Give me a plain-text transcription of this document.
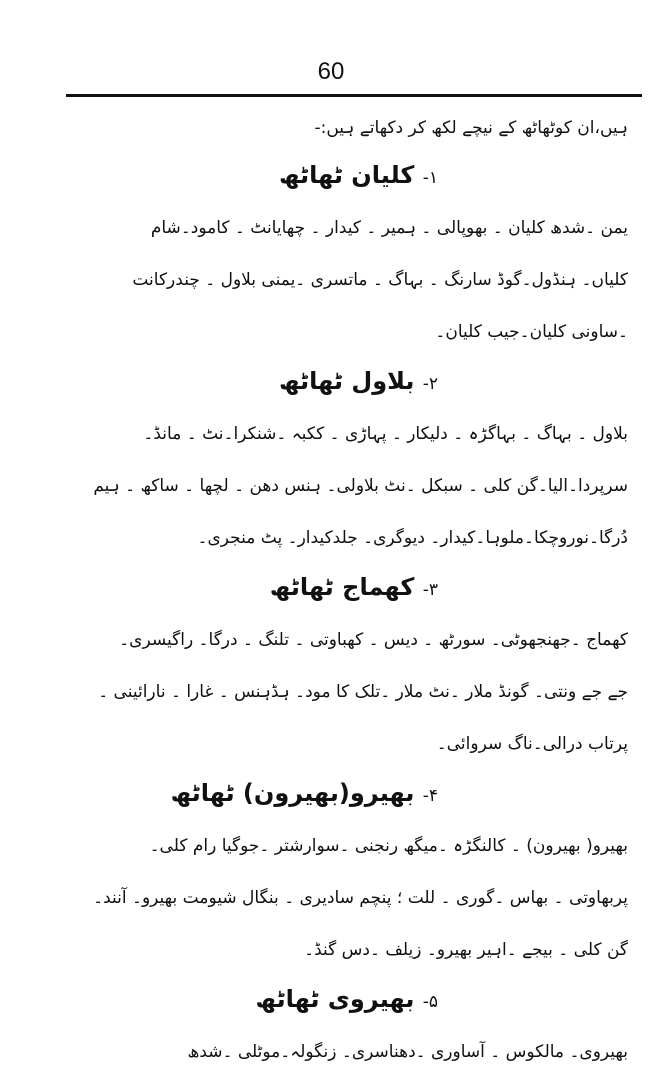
60
ہیں،ان کوٹھاٹھ کے نیچے لکھ کر دکھاتے ہیں:-
۱- کلیان ٹھاٹھ
یمن ۔شدھ کلیان ۔ بھوپالی ۔ ہمیر ۔ کیدار ۔ چھایانٹ ۔ کامود۔شام
کلیاں۔ ہنڈول۔گوڈ سارنگ ۔ بہاگ ۔ ماتسری ۔یمنی بلاول ۔ چندرکانت
۔ساونی کلیان۔جیب کلیان۔
۲- بلاول ٹھاٹھ
بلاول ۔ بہاگ ۔ بہاگڑہ ۔ دلیکار ۔ پہاڑی ۔ ککبہ ۔شنکرا۔نٹ ۔ مانڈ۔
سرپردا۔الیا۔گن کلی ۔ سبکل ۔نٹ بلاولی۔ ہنس دھن ۔ لچھا ۔ ساکھ ۔ ہیم
دُرگا۔نوروچکا۔ملوہا۔کیدار۔ دیوگری۔ جلدکیدار۔ پٹ منجری۔
۳- کھماج ٹھاٹھ
کھماج ۔جھنجھوٹی۔ سورٹھ ۔ دیس ۔ کھباوتی ۔ تلنگ ۔ درگا۔ راگیسری۔
جے جے ونتی۔ گونڈ ملار ۔نٹ ملار ۔تلک کا مود۔ ہڈہنس ۔ غارا ۔ نارائینی ۔
پرتاب درالی۔ناگ سروائی۔
۴- بھیرو(بھیرون) ٹھاٹھ
بھیرو( بھیرون) ۔ کالنگڑہ ۔میگھ رنجنی ۔سوارشتر ۔جوگیا رام کلی۔
پربھاوتی ۔ بھاس ۔گوری ۔ للت ؛ پنچم سادیری ۔ بنگال شیومت بھیرو۔ آنند۔
گن کلی ۔ بیجے ۔اہیر بھیرو۔ زیلف ۔دس گنڈ۔
۵- بھیروی ٹھاٹھ
بھیروی۔ مالکوس ۔ آساوری ۔دھناسری۔ زنگولہ۔موٹلی ۔شدھ
